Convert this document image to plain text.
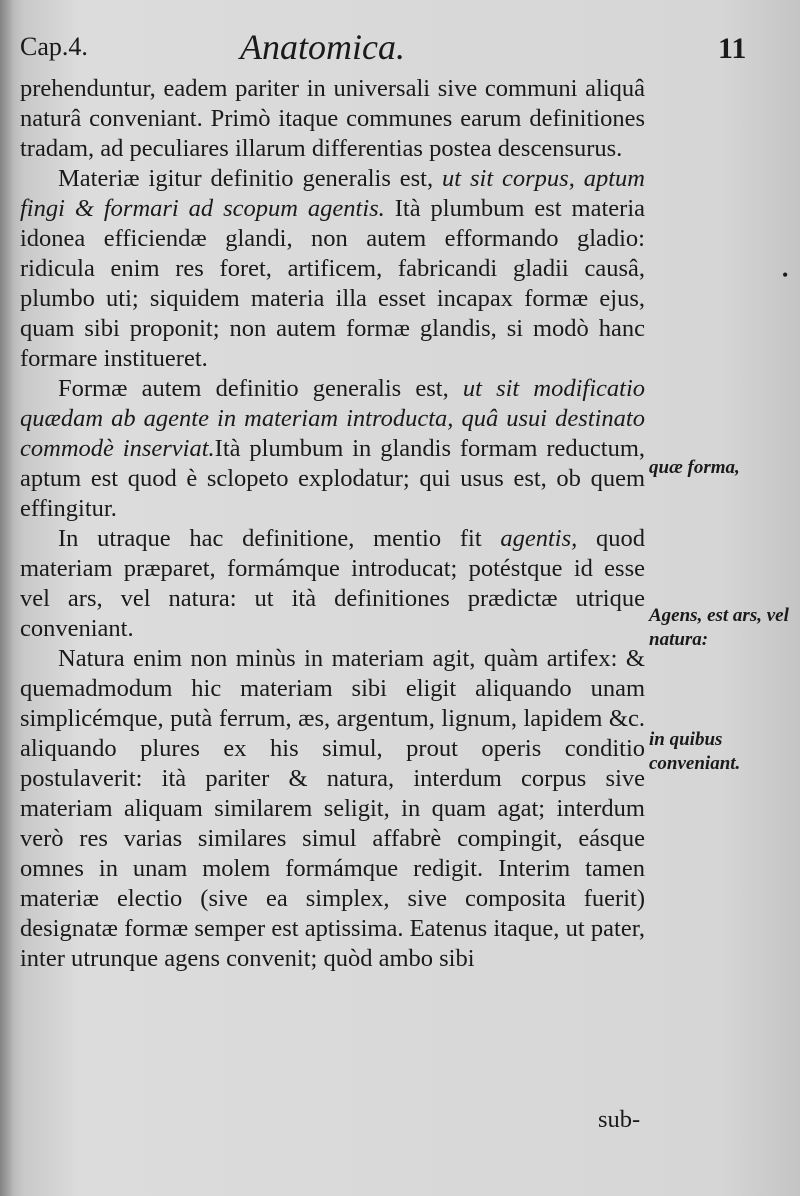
Cap.4.	Anatomica.	11

prehenduntur, eadem pariter in universali sive communi aliquâ naturâ conveniant. Primò itaque communes earum definitiones tradam, ad peculiares illarum differentias postea descensurus.

Materiæ igitur definitio generalis est, ut sit corpus, aptum fingi & formari ad scopum agentis. Ità plumbum est materia idonea efficiendæ glandi, non autem efformando gladio: ridicula enim res foret, artificem, fabricandi gladii causâ, plumbo uti; siquidem materia illa esset incapax formæ ejus, quam sibi proponit; non autem formæ glandis, si modò hanc formare institueret.

Formæ autem definitio generalis est, ut sit modificatio quædam ab agente in materiam introducta, quâ usui destinato commodè inserviat.Ità plumbum in glandis formam reductum, aptum est quod è sclopeto explodatur; qui usus est, ob quem effingitur.

In utraque hac definitione, mentio fit agentis, quod materiam præparet, formámque introducat; potéstque id esse vel ars, vel natura: ut ità definitiones prædictæ utrique conveniant.

Natura enim non minùs in materiam agit, quàm artifex: & quemadmodum hic materiam sibi eligit aliquando unam simplicémque, putà ferrum, æs, argentum, lignum, lapidem &c. aliquando plures ex his simul, prout operis conditio postulaverit: ità pariter & natura, interdum corpus sive materiam aliquam similarem seligit, in quam agat; interdum verò res varias similares simul affabrè compingit, eásque omnes in unam molem formámque redigit. Interim tamen materiæ electio (sive ea simplex, sive composita fuerit) designatæ formæ semper est aptissima. Eatenus itaque, ut pater, inter utrunque agens convenit; quòd ambo sibi

sub-
quæ forma,
Agens, est ars, vel natura:
in quibus conveniant.
•
